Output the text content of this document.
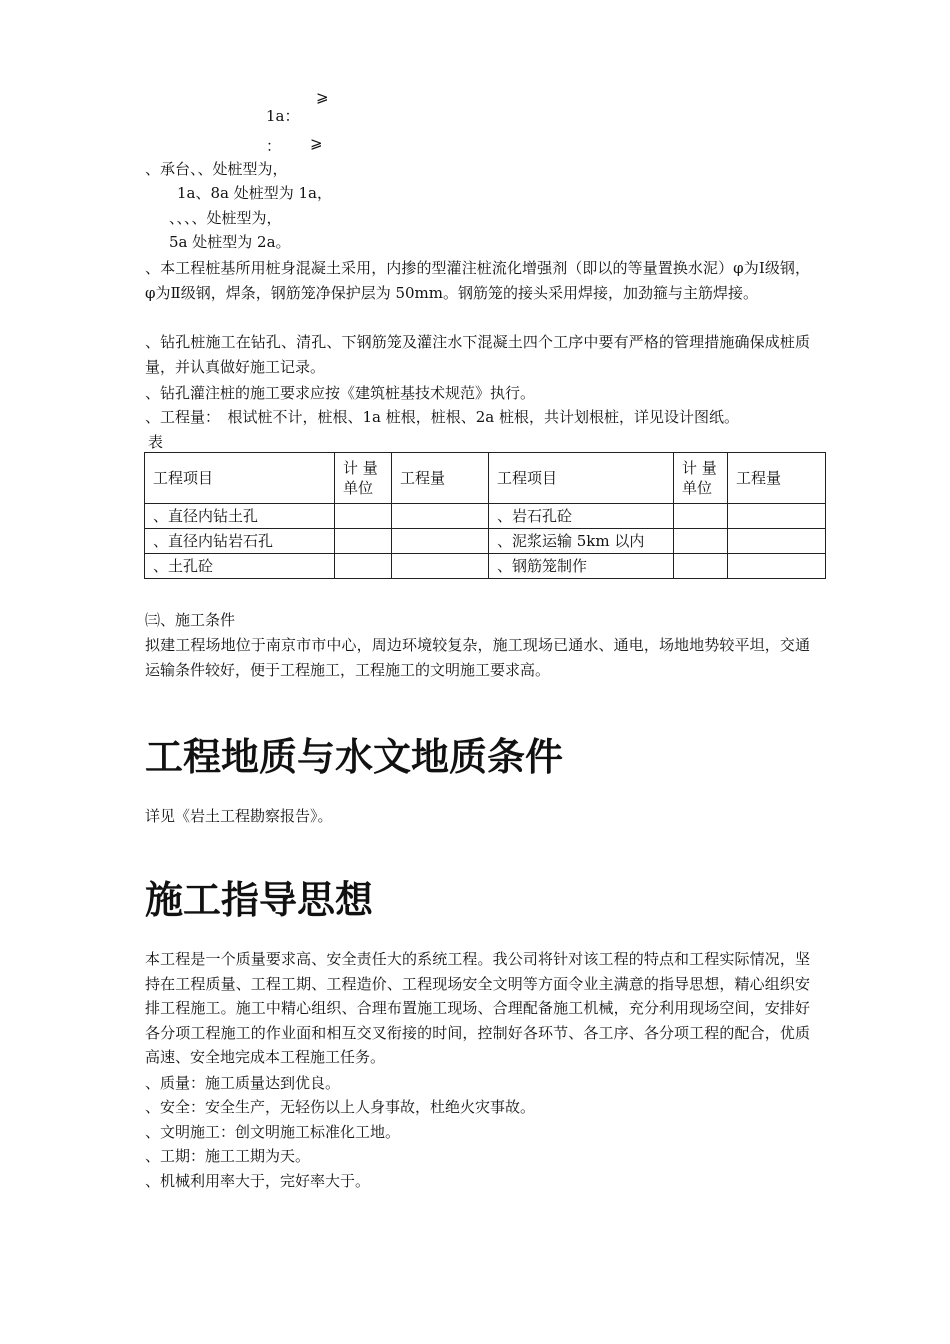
⩾
1a：
： ⩾
、承台、、处桩型为，
1a、8a 处桩型为 1a，
、、、、处桩型为，
5a 处桩型为 2a。

、本工程桩基所用桩身混凝土采用，内掺的型灌注桩流化增强剂（即以的等量置换水泥）φ为Ⅰ级钢，φ为Ⅱ级钢，焊条，钢筋笼净保护层为 50mm。钢筋笼的接头采用焊接，加劲箍与主筋焊接。

、钻孔桩施工在钻孔、清孔、下钢筋笼及灌注水下混凝土四个工序中要有严格的管理措施确保成桩质量，并认真做好施工记录。

、钻孔灌注桩的施工要求应按《建筑桩基技术规范》执行。
、工程量：　根试桩不计，桩根、1a 桩根，桩根、2a 桩根，共计划根桩，详见设计图纸。
表
工程项目	计 量 单位	工程量	工程项目	计 量 单位	工程量
、直径内钻土孔			、岩石孔砼		
、直径内钻岩石孔			、泥浆运输 5km 以内		
、土孔砼			、钢筋笼制作		
㈢、施工条件

拟建工程场地位于南京市市中心，周边环境较复杂，施工现场已通水、通电，场地地势较平坦，交通运输条件较好，便于工程施工，工程施工的文明施工要求高。

工程地质与水文地质条件
详见《岩土工程勘察报告》。
施工指导思想

本工程是一个质量要求高、安全责任大的系统工程。我公司将针对该工程的特点和工程实际情况，坚持在工程质量、工程工期、工程造价、工程现场安全文明等方面令业主满意的指导思想，精心组织安排工程施工。施工中精心组织、合理布置施工现场、合理配备施工机械，充分利用现场空间，安排好各分项工程施工的作业面和相互交叉衔接的时间，控制好各环节、各工序、各分项工程的配合，优质高速、安全地完成本工程施工任务。

、质量：施工质量达到优良。
、安全：安全生产，无轻伤以上人身事故，杜绝火灾事故。
、文明施工：创文明施工标准化工地。
、工期：施工工期为天。
、机械利用率大于，完好率大于。
